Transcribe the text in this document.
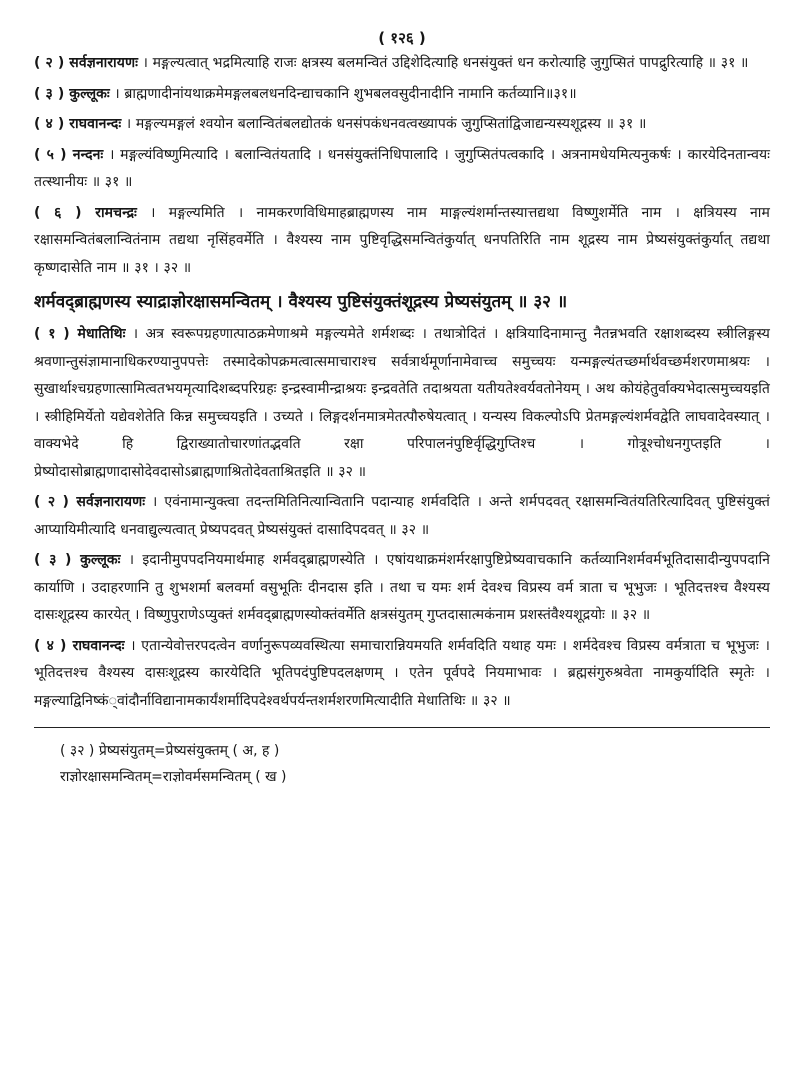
( १२६ )

( २ ) सर्वज्ञनारायणः । मङ्गल्यत्वात् भद्रमित्याहि राजः क्षत्रस्य बलमन्वितं उद्दिशेदित्याहि धनसंयुक्तं धन करोत्याहि जुगुप्सितं पापद्रुरित्याहि ॥ ३१ ॥

( ३ ) कुल्लूकः । ब्राह्मणादीनांयथाक्रमेमङ्गलबलधनदिन्द्याचकानि शुभबलवसुदीनादीनि नामानि कर्तव्यानि॥३१॥

( ४ ) राघवानन्दः । मङ्गल्यमङ्गलं श्वयोन बलान्वितंबलद्योतकं धनसंपकंधनवत्वख्यापकं जुगुप्सितांद्विजाद्यन्यस्यशूद्रस्य ॥ ३१ ॥

( ५ ) नन्दनः । मङ्गल्यंविष्णुमित्यादि । बलान्वितंयतादि । धनसंयुक्तंनिधिपालादि । जुगुप्सितंपत्वकादि । अत्रनामधेयमित्यनुकर्षः । कारयेदिनतान्वयः तत्स्थानीयः ॥ ३१ ॥

( ६ ) रामचन्द्रः । मङ्गल्यमिति । नामकरणविधिमाहब्राह्मणस्य नाम माङ्गल्यंशर्मान्तस्यात्तद्यथा विष्णुशर्मेति नाम । क्षत्रियस्य नाम रक्षासमन्वितंबलान्वितंनाम तद्यथा नृसिंहवर्मेति । वैश्यस्य नाम पुष्टिवृद्धिसमन्वितंकुर्यात् धनपतिरिति नाम शूद्रस्य नाम प्रेष्यसंयुक्तंकुर्यात् तद्यथा कृष्णदासेति नाम ॥ ३१ । ३२ ॥

शर्मवद्ब्राह्मणस्य स्याद्राज्ञोरक्षासमन्वितम् । वैश्यस्य पुष्टिसंयुक्तंशूद्रस्य प्रेष्यसंयुतम् ॥ ३२ ॥

( १ ) मेधातिथिः । अत्र स्वरूपग्रहणात्पाठक्रमेणाश्रमे मङ्गल्यमेते शर्मशब्दः । तथात्रोदितं । क्षत्रियादिनामान्तु नैतन्नभवति रक्षाशब्दस्य स्त्रीलिङ्गस्य श्रवणान्तुसंज्ञामानाधिकरण्यानुपपत्तेः तस्मादेकोपक्रमत्वात्समाचाराश्च सर्वत्रार्थमूर्णानामेवाच्च समुच्चयः यन्मङ्गल्यंतच्छर्मार्थवच्छर्मशरणमाश्रयः । सुखार्थाश्चग्रहणात्सामित्वतभयमृत्यादिशब्दपरिग्रहः इन्द्रस्वामीन्द्राश्रयः इन्द्रवतेति तदाश्रयता यतीयतेश्वर्यवतोनेयम् । अथ कोयंहेतुर्वाक्यभेदात्समुच्चयइति । स्त्रीहिमिर्येतो यद्येवशेतेति किन्न समुच्चयइति । उच्यते । लिङ्गदर्शनमात्रमेतत्पौरुषेयत्वात् । यन्यस्य विकल्पोऽपि प्रेतमङ्गल्यंशर्मवद्वेति लाघवादेवस्यात् । वाक्यभेदे हि द्विराख्यातोचारणांतद्भवति रक्षा परिपालनंपुष्टिर्वृद्धिगुप्तिश्च । गोत्रूश्चोधनगुप्तइति । प्रेष्योदासोब्राह्मणादासोदेवदासोऽब्राह्मणाश्रितोदेवताश्रितइति ॥ ३२ ॥

( २ ) सर्वज्ञनारायणः । एवंनामान्युक्त्वा तदन्तमितिनित्यान्वितानि पदान्याह शर्मवदिति । अन्ते शर्मपदवत् रक्षासमन्वितंयतिरित्यादिवत् पुष्टिसंयुक्तं आप्यायिमीत्यादि धनवाद्युल्यत्वात् प्रेष्यपदवत् प्रेष्यसंयुक्तं दासादिपदवत् ॥ ३२ ॥

( ३ ) कुल्लूकः । इदानीमुपपदनियमार्थमाह शर्मवद्ब्राह्मणस्येति । एषांयथाक्रमंशर्मरक्षापुष्टिप्रेष्यवाचकानि कर्तव्यानिशर्मवर्मभूतिदासादीन्युपपदानि कार्याणि । उदाहरणानि तु शुभशर्मा बलवर्मा वसुभूतिः दीनदास इति । तथा च यमः शर्म देवश्च विप्रस्य वर्म त्राता च भूभुजः । भूतिदत्तश्च वैश्यस्य दासःशूद्रस्य कारयेत् । विष्णुपुराणेऽप्युक्तं शर्मवद्ब्राह्मणस्योक्तंवर्मेति क्षत्रसंयुतम् गुप्तदासात्मकंनाम प्रशस्तंवैश्यशूद्रयोः ॥ ३२ ॥

( ४ ) राघवानन्दः । एतान्येवोत्तरपदत्वेन वर्णानुरूपव्यवस्थित्या समाचारान्नियमयति शर्मवदिति यथाह यमः । शर्मदेवश्च विप्रस्य वर्मत्राता च भूभुजः । भूतिदत्तश्च वैश्यस्य दासःशूद्रस्य कारयेदिति भूतिपदंपुष्टिपदलक्षणम् । एतेन पूर्वपदे नियमाभावः । ब्रह्मसंगुरुश्रवेता नामकुर्यादिति स्मृतेः । मङ्गल्याद्विनिष्कं्वांदौर्नाविद्यानामकार्यंशर्मादिपदेश्वर्थपर्यन्तशर्मशरणमित्यादीति मेधातिथिः ॥ ३२ ॥

( ३२ ) प्रेष्यसंयुतम्=प्रेष्यसंयुक्तम् ( अ, ह )
राज्ञोरक्षासमन्वितम्=राज्ञोवर्मसमन्वितम् ( ख )
